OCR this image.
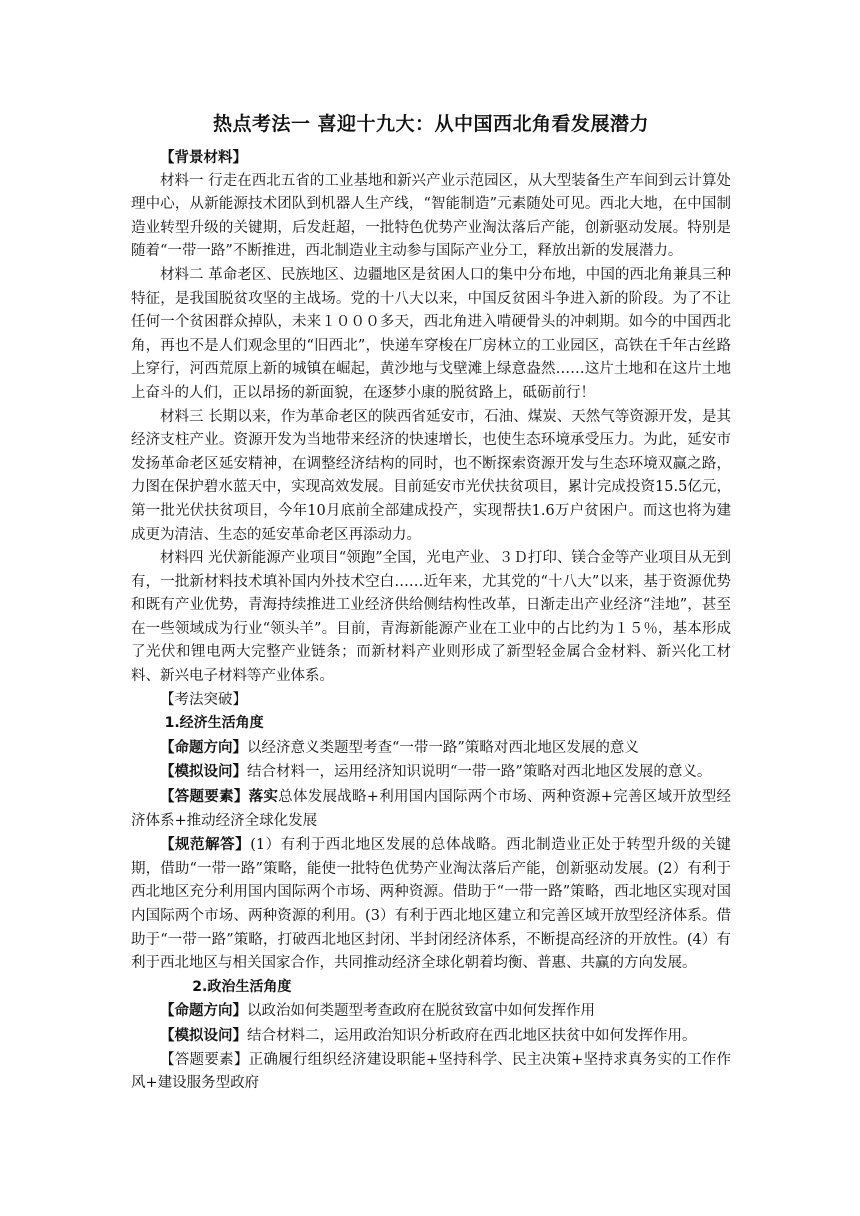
热点考法一 喜迎十九大：从中国西北角看发展潜力

【背景材料】

材料一 行走在西北五省的工业基地和新兴产业示范园区，从大型装备生产车间到云计算处理中心，从新能源技术团队到机器人生产线，“智能制造”元素随处可见。西北大地，在中国制造业转型升级的关键期，后发赶超，一批特色优势产业淘汰落后产能，创新驱动发展。特别是随着“一带一路”不断推进，西北制造业主动参与国际产业分工，释放出新的发展潜力。

材料二 革命老区、民族地区、边疆地区是贫困人口的集中分布地，中国的西北角兼具三种特征，是我国脱贫攻坚的主战场。党的十八大以来，中国反贫困斗争进入新的阶段。为了不让任何一个贫困群众掉队，未来１０００多天，西北角进入啃硬骨头的冲刺期。如今的中国西北角，再也不是人们观念里的“旧西北”，快递车穿梭在厂房林立的工业园区，高铁在千年古丝路上穿行，河西荒原上新的城镇在崛起，黄沙地与戈壁滩上绿意盎然……这片土地和在这片土地上奋斗的人们，正以昂扬的新面貌，在逐梦小康的脱贫路上，砥砺前行！

材料三 长期以来，作为革命老区的陕西省延安市，石油、煤炭、天然气等资源开发，是其经济支柱产业。资源开发为当地带来经济的快速增长，也使生态环境承受压力。为此，延安市发扬革命老区延安精神，在调整经济结构的同时，也不断探索资源开发与生态环境双赢之路，力图在保护碧水蓝天中，实现高效发展。目前延安市光伏扶贫项目，累计完成投资15.5亿元，第一批光伏扶贫项目，今年10月底前全部建成投产，实现帮扶1.6万户贫困户。而这也将为建成更为清洁、生态的延安革命老区再添动力。

材料四 光伏新能源产业项目“领跑”全国，光电产业、３Ｄ打印、镁合金等产业项目从无到有，一批新材料技术填补国内外技术空白……近年来，尤其党的“十八大”以来，基于资源优势和既有产业优势，青海持续推进工业经济供给侧结构性改革，日渐走出产业经济“洼地”，甚至在一些领域成为行业“领头羊”。目前，青海新能源产业在工业中的占比约为１５％，基本形成了光伏和锂电两大完整产业链条；而新材料产业则形成了新型轻金属合金材料、新兴化工材料、新兴电子材料等产业体系。

【考法突破】

1.经济生活角度

【命题方向】以经济意义类题型考查“一带一路”策略对西北地区发展的意义

【模拟设问】结合材料一，运用经济知识说明“一带一路”策略对西北地区发展的意义。

【答题要素】落实总体发展战略+利用国内国际两个市场、两种资源+完善区域开放型经济体系+推动经济全球化发展

【规范解答】(1）有利于西北地区发展的总体战略。西北制造业正处于转型升级的关键期，借助“一带一路”策略，能使一批特色优势产业淘汰落后产能，创新驱动发展。(2）有利于西北地区充分利用国内国际两个市场、两种资源。借助于“一带一路”策略，西北地区实现对国内国际两个市场、两种资源的利用。(3）有利于西北地区建立和完善区域开放型经济体系。借助于“一带一路”策略，打破西北地区封闭、半封闭经济体系，不断提高经济的开放性。(4）有利于西北地区与相关国家合作，共同推动经济全球化朝着均衡、普惠、共赢的方向发展。

2.政治生活角度

【命题方向】以政治如何类题型考查政府在脱贫致富中如何发挥作用

【模拟设问】结合材料二，运用政治知识分析政府在西北地区扶贫中如何发挥作用。

【答题要素】正确履行组织经济建设职能+坚持科学、民主决策+坚持求真务实的工作作风+建设服务型政府
